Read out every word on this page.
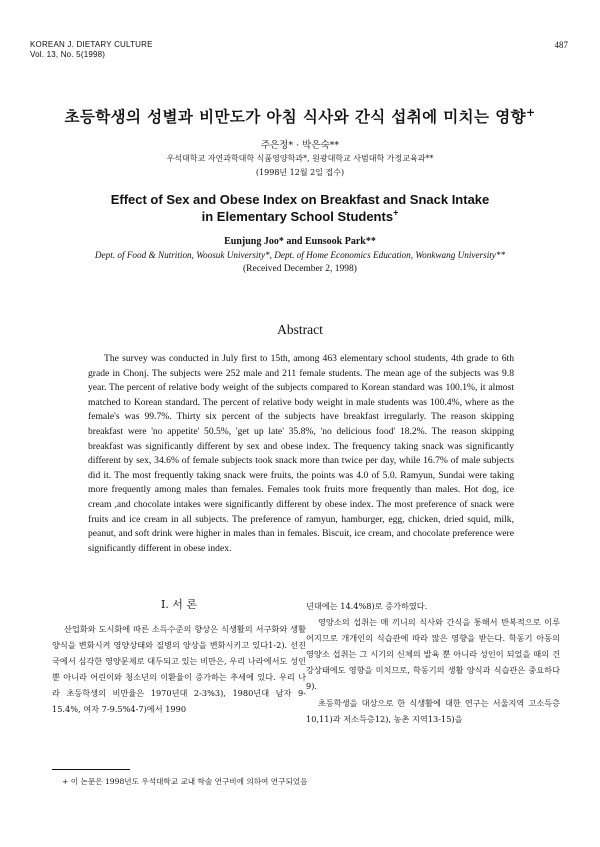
KOREAN J. DIETARY CULTURE
Vol. 13, No. 5(1998)
487
초등학생의 성별과 비만도가 아침 식사와 간식 섭취에 미치는 영향+
주은정* · 박은숙**
우석대학교 자연과학대학 식품영양학과*, 원광대학교 사범대학 가정교육과**
(1998년 12월 2일 접수)
Effect of Sex and Obese Index on Breakfast and Snack Intake
in Elementary School Students+
Eunjung Joo* and Eunsook Park**
Dept. of Food & Nutrition, Woosuk University*, Dept. of Home Economics Education, Wonkwang University**
(Received December 2, 1998)
Abstract

The survey was conducted in July first to 15th, among 463 elementary school students, 4th grade to 6th grade in Chonj. The subjects were 252 male and 211 female students. The mean age of the subjects was 9.8 year. The percent of relative body weight of the subjects compared to Korean standard was 100.1%, it almost matched to Korean standard. The percent of relative body weight in male students was 100.4%, where as the female's was 99.7%. Thirty six percent of the subjects have breakfast irregularly. The reason skipping breakfast were 'no appetite' 50.5%, 'get up late' 35.8%, 'no delicious food' 18.2%. The reason skipping breakfast was significantly different by sex and obese index. The frequency taking snack was significantly different by sex, 34.6% of female subjects took snack more than twice per day, while 16.7% of male subjects did it. The most frequently taking snack were fruits, the points was 4.0 of 5.0. Ramyun, Sundai were taking more frequently among males than females. Females took fruits more frequently than males. Hot dog, ice cream ,and chocolate intakes were significantly different by obese index. The most preference of snack were fruits and ice cream in all subjects. The preference of ramyun, hamburger, egg, chicken, dried squid, milk, peanut, and soft drink were higher in males than in females. Biscuit, ice cream, and chocolate preference were significantly different in obese index.

I. 서 론

산업화와 도시화에 따른 소득수준의 향상은 식생활의 서구화와 생활 양식을 변화시켜 영양상태와 질병의 양상을 변화시키고 있다1-2). 선진국에서 심각한 영양문제로 대두되고 있는 비만은, 우리 나라에서도 성인뿐 아니라 어린이와 청소년의 이환율이 증가하는 추세에 있다. 우리 나라 초등학생의 비만율은 1970년대 2-3%3), 1980년대 남자 9-15.4%, 여자 7-9.5%4-7)에서 1990

년대에는 14.4%8)로 증가하였다.

영양소의 섭취는 매 끼니의 식사와 간식을 통해서 반복적으로 이루어지므로 개개인의 식습관에 따라 많은 영향을 받는다. 학동기 아동의 영양소 섭취는 그 시기의 신체의 발육 뿐 아니라 성인이 되었을 때의 건강상태에도 영향을 미치므로, 학동기의 생활 양식과 식습관은 중요하다9).

초등학생을 대상으로 한 식생활에 대한 연구는 서울지역 고소득층10,11)과 저소득층12), 농촌 지역13-15)을

+ 이 논문은 1998년도 우석대학교 교내 학술 연구비에 의하여 연구되었음
